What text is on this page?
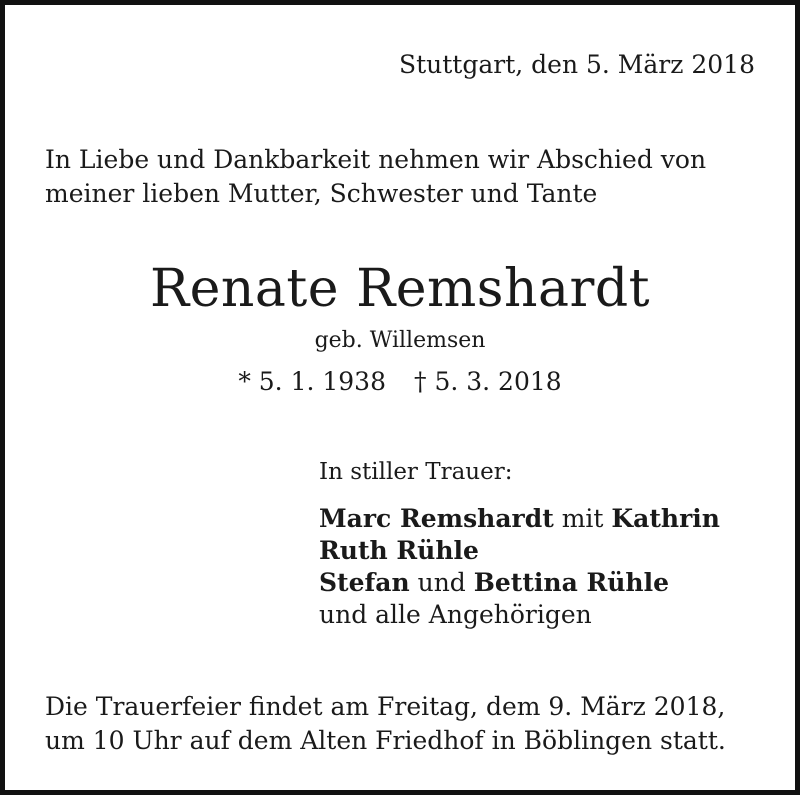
Stuttgart, den 5. März 2018

In Liebe und Dankbarkeit nehmen wir Abschied von
meiner lieben Mutter, Schwester und Tante

Renate Remshardt

geb. Willemsen

* 5. 1. 1938 † 5. 3. 2018

In stiller Trauer:

Marc Remshardt mit Kathrin
Ruth Rühle
Stefan und Bettina Rühle
und alle Angehörigen

Die Trauerfeier findet am Freitag, dem 9. März 2018,
um 10 Uhr auf dem Alten Friedhof in Böblingen statt.
